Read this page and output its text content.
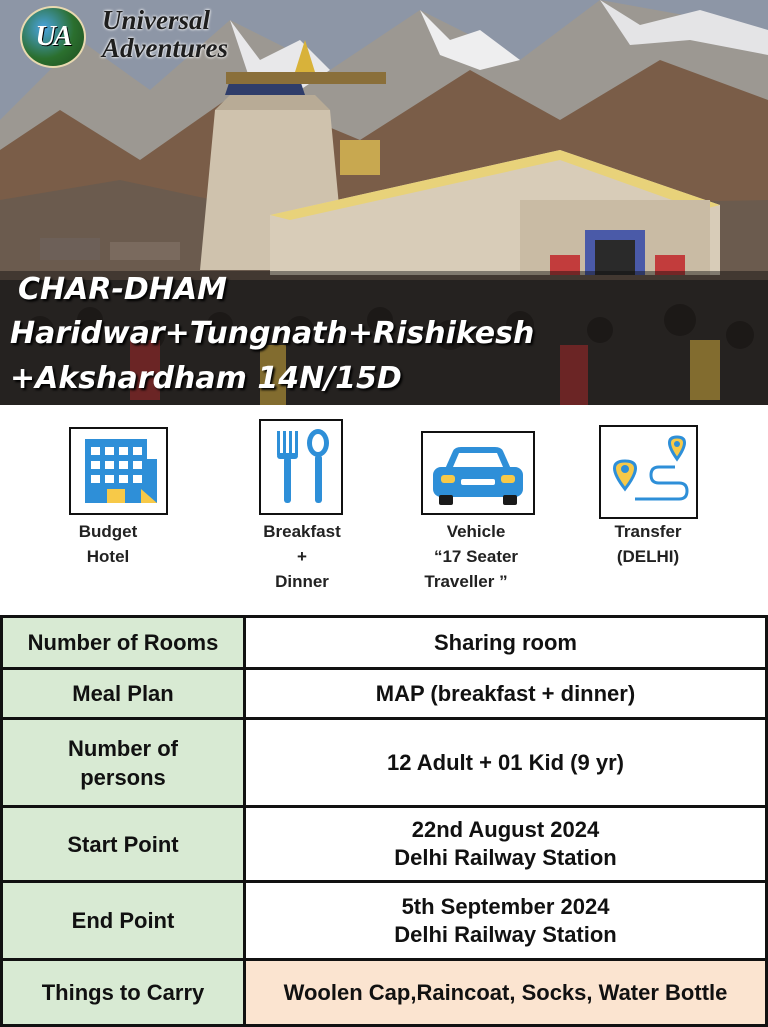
UA
Universal
Adventures
CHAR-DHAM
Haridwar+Tungnath+Rishikesh
+Akshardham 14N/15D
Budget
Hotel
Breakfast
+
Dinner
Vehicle
“17 Seater
Traveller ”
Transfer
(DELHI)
Number of Rooms	Sharing room
Meal Plan	MAP (breakfast + dinner)

Number of
persons	12 Adult + 01 Kid (9 yr)
Start Point	22nd August 2024
Delhi Railway Station

End Point	5th September 2024
Delhi Railway Station

Things to Carry	Woolen Cap,Raincoat, Socks, Water Bottle
